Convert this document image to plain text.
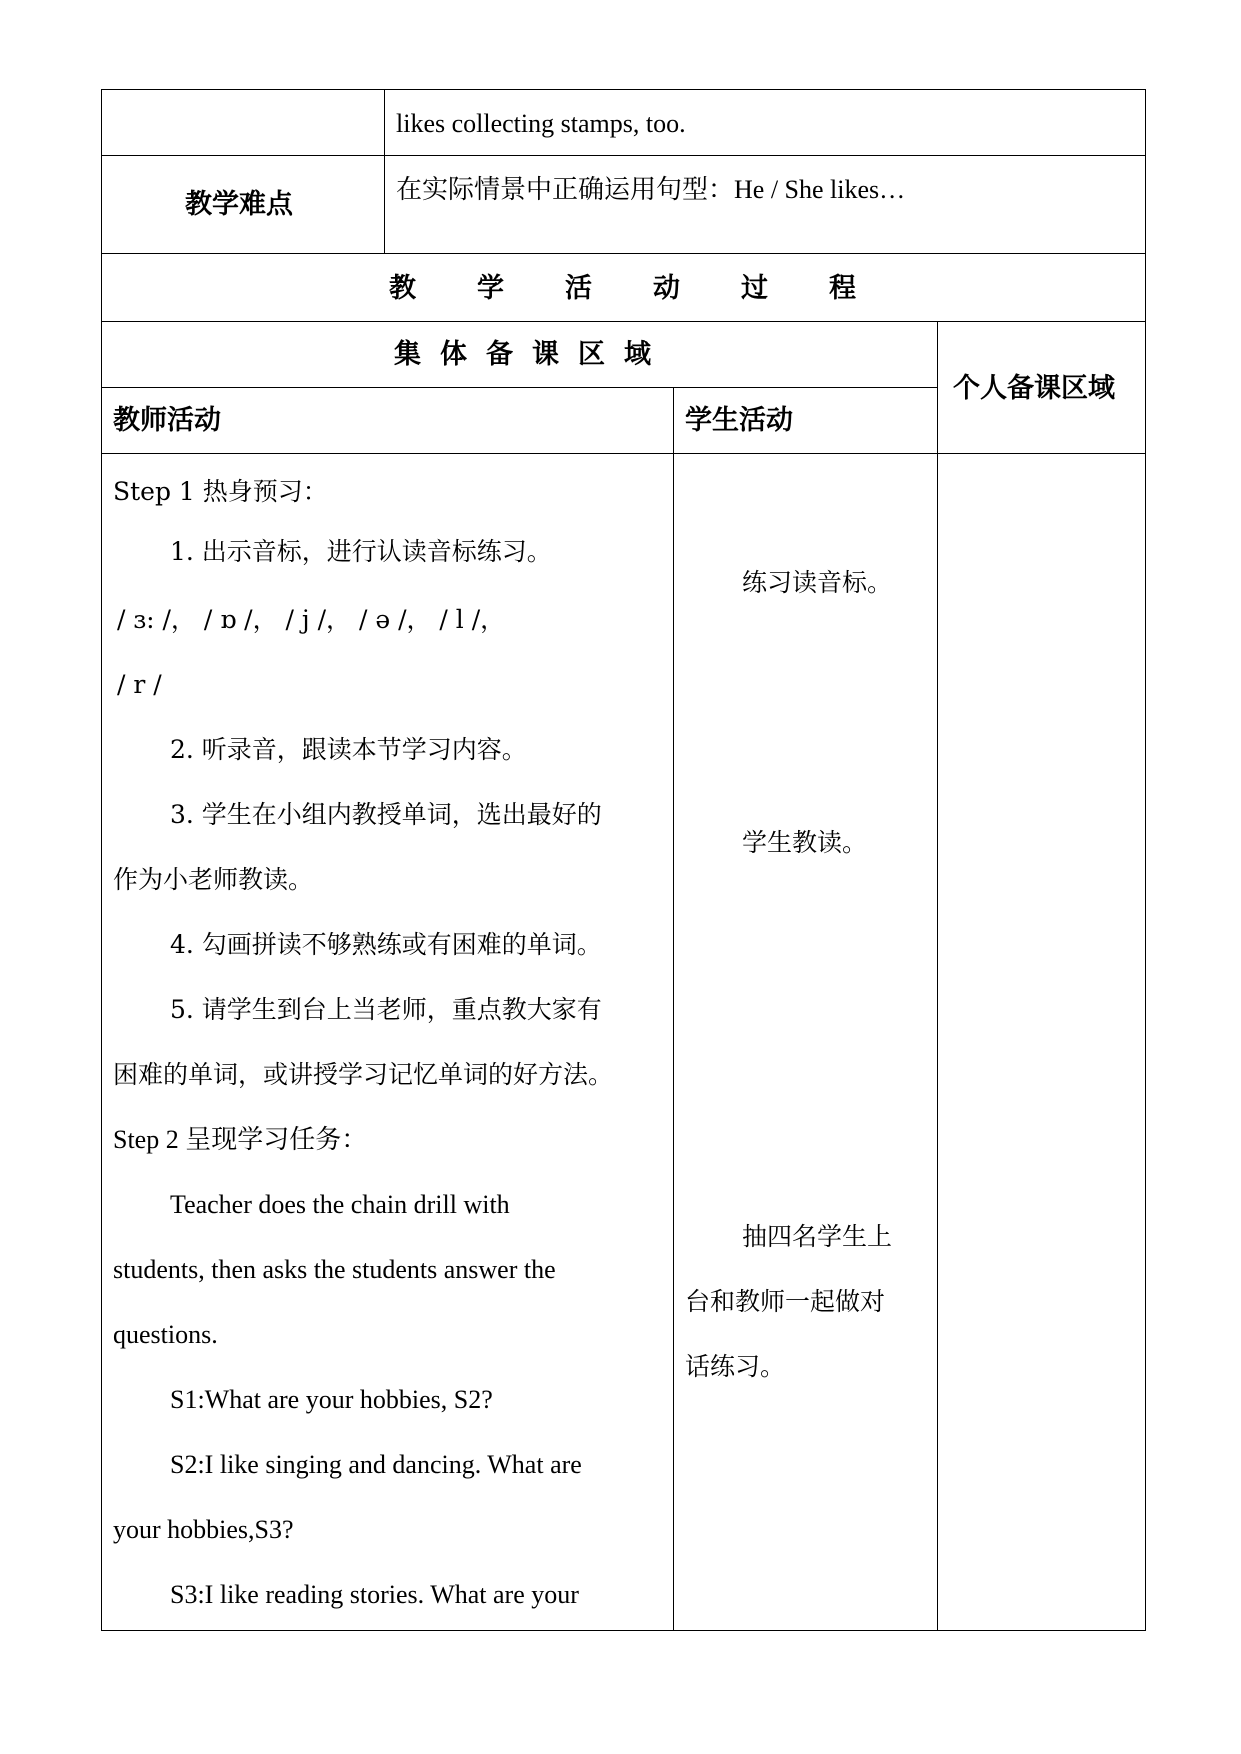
likes collecting stamps, too.
教学难点	在实际情景中正确运用句型：He / She likes…
教 学 活 动 过 程
集 体 备 课 区 域
个人备课区域
教师活动	学生活动
Step 1 热身预习：
1. 出示音标，进行认读音标练习。
/ ɜ: /， / ɒ /， / j /， / ə /， / l /，
/ r /
2. 听录音，跟读本节学习内容。
3. 学生在小组内教授单词，选出最好的
作为小老师教读。
4. 勾画拼读不够熟练或有困难的单词。
5. 请学生到台上当老师，重点教大家有
困难的单词，或讲授学习记忆单词的好方法。
Step 2 呈现学习任务：
Teacher does the chain drill with
students, then asks the students answer the
questions.
S1:What are your hobbies, S2?
S2:I like singing and dancing. What are
your hobbies,S3?
S3:I like reading stories. What are your
练习读音标。
学生教读。
抽四名学生上
台和教师一起做对
话练习。
